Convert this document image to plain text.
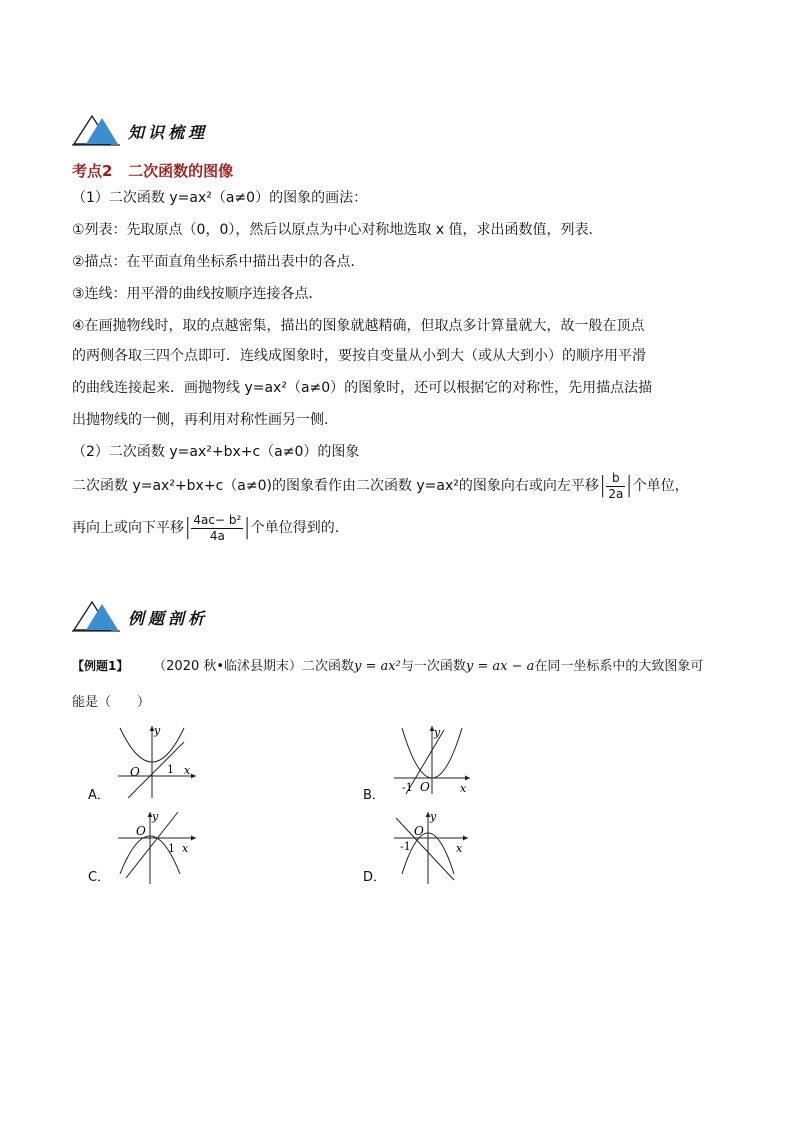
知识梳理
考点2 二次函数的图像
（1）二次函数 y=ax²（a≠0）的图象的画法：
①列表：先取原点（0，0），然后以原点为中心对称地选取 x 值，求出函数值，列表．
②描点：在平面直角坐标系中描出表中的各点．
③连线：用平滑的曲线按顺序连接各点．
④在画抛物线时，取的点越密集，描出的图象就越精确，但取点多计算量就大，故一般在顶点
的两侧各取三四个点即可．连线成图象时，要按自变量从小到大（或从大到小）的顺序用平滑
的曲线连接起来．画抛物线 y=ax²（a≠0）的图象时，还可以根据它的对称性，先用描点法描
出抛物线的一侧，再利用对称性画另一侧．
（2）二次函数 y=ax²+bx+c（a≠0）的图象
二次函数 y=ax²+bx+c（a≠0)的图象看作由二次函数 y=ax²的图象向右或向左平移| $\frac{b}{2a}$ |个单位，
再向上或向下平移| $\frac{\text{4ac− b²}}{4a}$ |个单位得到的.
例题剖析
【例题1】 （2020 秋•临沭县期末）二次函数y = ax²与一次函数y = ax − a在同一坐标系中的大致图象可
能是（　　）
A．
y
x
O 1
B．
y
x
O
-1
C．
y
x
O
1
D．
y
x
O
-1
